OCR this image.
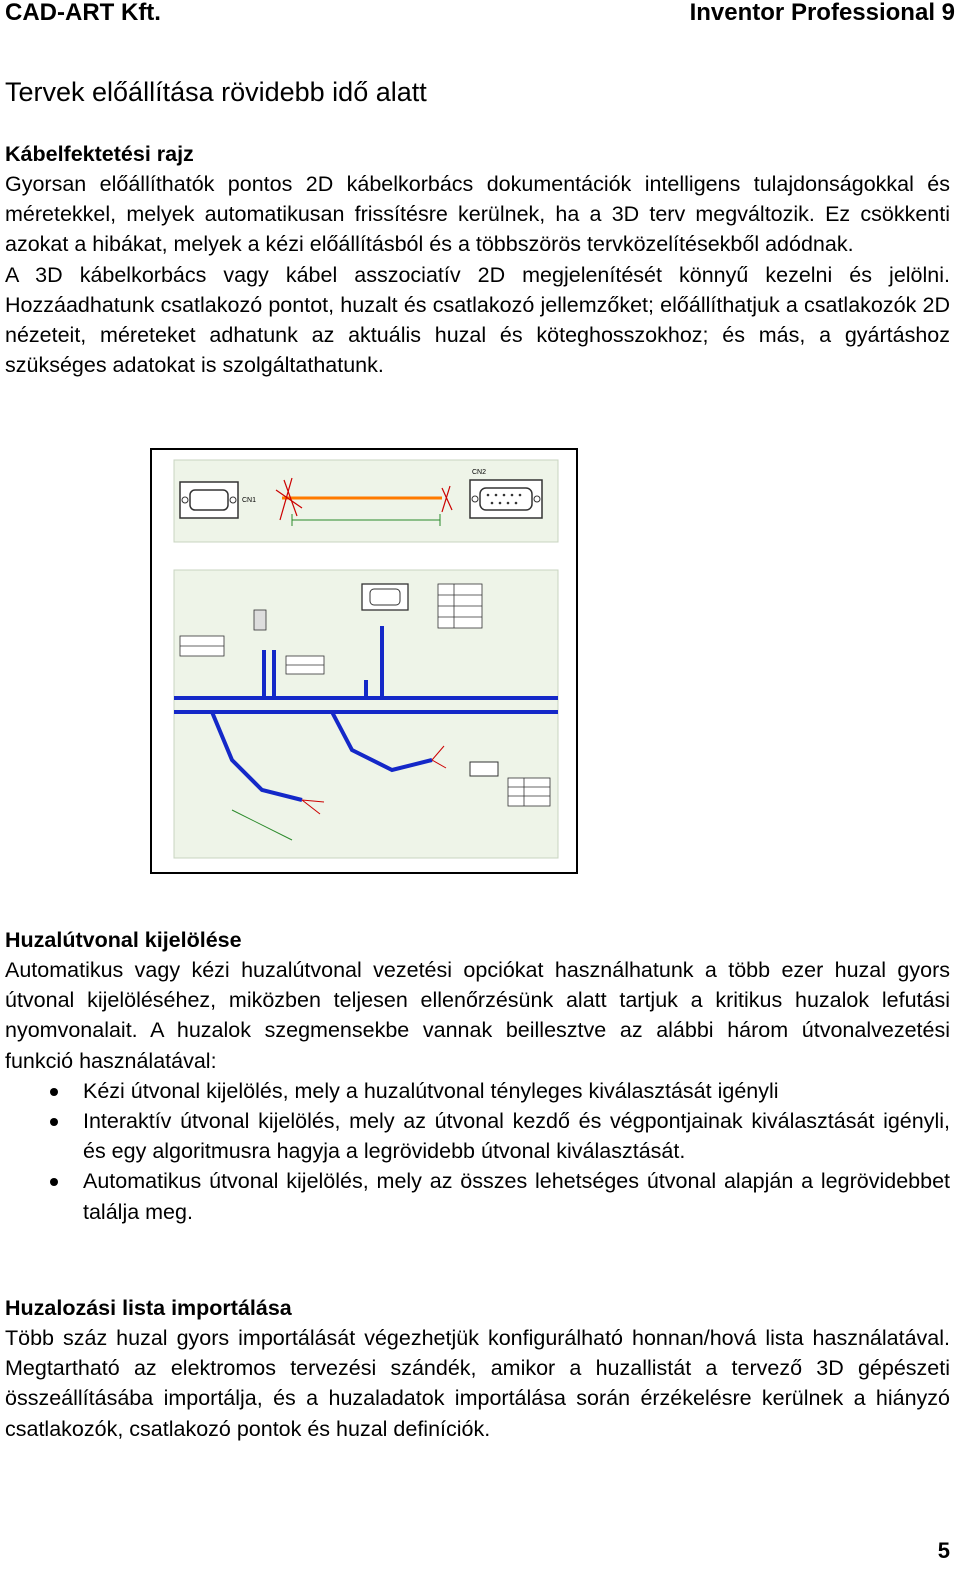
CAD-ART Kft.	Inventor Professional 9
Tervek előállítása rövidebb idő alatt

Kábelfektetési rajz

Gyorsan előállíthatók pontos 2D kábelkorbács dokumentációk intelligens tulajdonságokkal és méretekkel, melyek automatikusan frissítésre kerülnek, ha a 3D terv megváltozik. Ez csökkenti azokat a hibákat, melyek a kézi előállításból és a többszörös tervközelítésekből adódnak.

A 3D kábelkorbács vagy kábel asszociatív 2D megjelenítését könnyű kezelni és jelölni. Hozzáadhatunk csatlakozó pontot, huzalt és csatlakozó jellemzőket; előállíthatjuk a csatlakozók 2D nézeteit, méreteket adhatunk az aktuális huzal és köteghosszokhoz; és más, a gyártáshoz szükséges adatokat is szolgáltathatunk.

CN1
CN2

Huzalútvonal kijelölése

Automatikus vagy kézi huzalútvonal vezetési opciókat használhatunk a több ezer huzal gyors útvonal kijelöléséhez, miközben teljesen ellenőrzésünk alatt tartjuk a kritikus huzalok lefutási nyomvonalait. A huzalok szegmensekbe vannak beillesztve az alábbi három útvonalvezetési funkció használatával:

Kézi útvonal kijelölés, mely a huzalútvonal tényleges kiválasztását igényli
Interaktív útvonal kijelölés, mely az útvonal kezdő és végpontjainak kiválasztását igényli, és egy algoritmusra hagyja a legrövidebb útvonal kiválasztását.
Automatikus útvonal kijelölés, mely az összes lehetséges útvonal alapján a legrövidebbet találja meg.

Huzalozási lista importálása

Több száz huzal gyors importálását végezhetjük konfigurálható honnan/hová lista használatával. Megtartható az elektromos tervezési szándék, amikor a huzallistát a tervező 3D gépészeti összeállításába importálja, és a huzaladatok importálása során érzékelésre kerülnek a hiányzó csatlakozók, csatlakozó pontok és huzal definíciók.

5
